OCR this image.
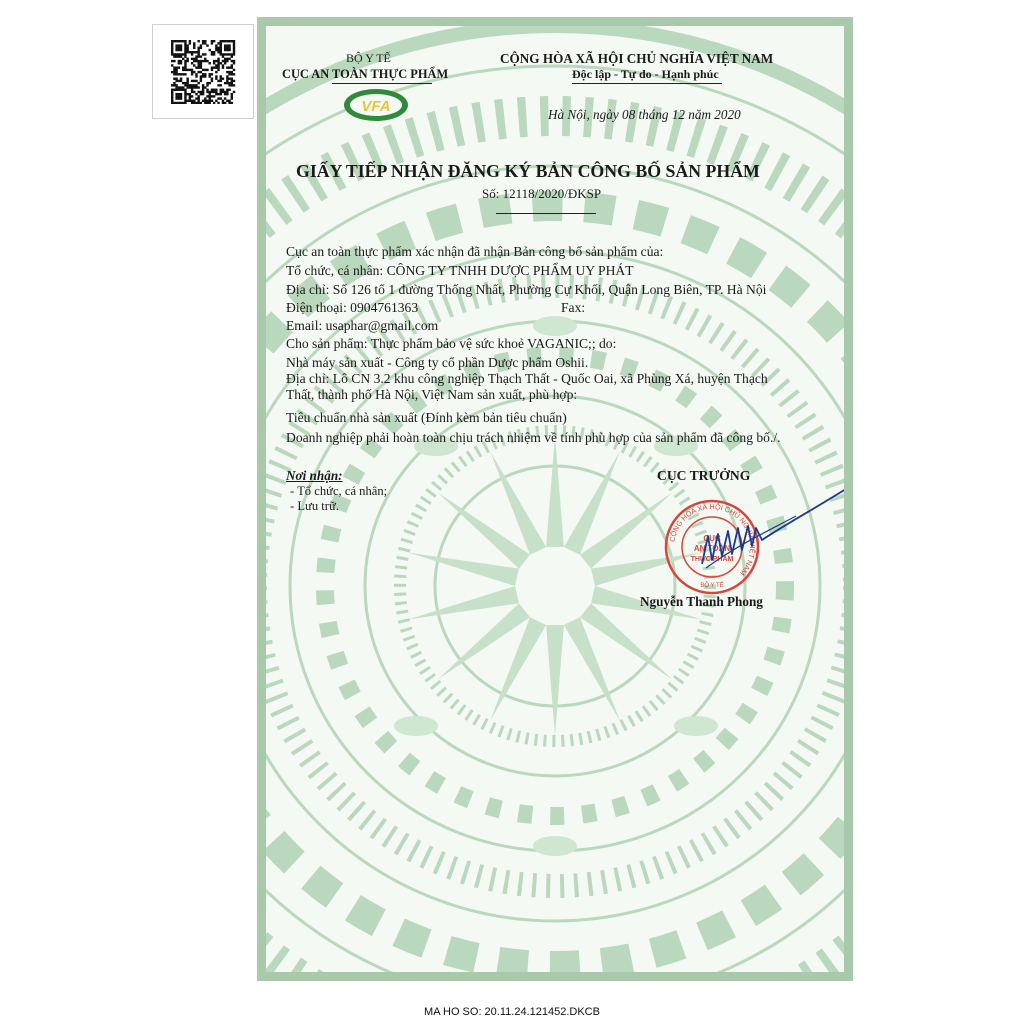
BỘ Y TẾ
CỤC AN TOÀN THỰC PHẨM
VFA
CỘNG HÒA XÃ HỘI CHỦ NGHĨA VIỆT NAM
Độc lập - Tự do - Hạnh phúc
Hà Nội, ngày 08 tháng 12 năm 2020
GIẤY TIẾP NHẬN ĐĂNG KÝ BẢN CÔNG BỐ SẢN PHẨM
Số: 12118/2020/ĐKSP
Cục an toàn thực phẩm xác nhận đã nhận Bản công bố sản phẩm của:
Tổ chức, cá nhân: CÔNG TY TNHH DƯỢC PHẨM UY PHÁT
Địa chỉ: Số 126 tổ 1 đường Thống Nhất, Phường Cự Khối, Quận Long Biên, TP. Hà Nội
Điện thoại: 0904761363	Fax:
Email: usaphar@gmail.com
Cho sản phẩm: Thực phẩm bảo vệ sức khoẻ VAGANIC;; do:
Nhà máy sản xuất - Công ty cổ phần Dược phẩm Oshii.
Địa chỉ: Lô CN 3.2 khu công nghiệp Thạch Thất - Quốc Oai, xã Phùng Xá, huyện Thạch
Thất, thành phố Hà Nội, Việt Nam sản xuất, phù hợp:
Tiêu chuẩn nhà sản xuất (Đính kèm bản tiêu chuẩn)
Doanh nghiệp phải hoàn toàn chịu trách nhiệm về tính phù hợp của sản phẩm đã công bố./.
Nơi nhận:
- Tổ chức, cá nhân;
- Lưu trữ.
CỤC TRƯỞNG
CỘNG HÒA XÃ HỘI CHỦ NGHĨA VIỆT NAM
CỤC
AN TOÀN
THỰC PHẨM
BỘ Y TẾ
Nguyễn Thanh Phong
MA HO SO: 20.11.24.121452.DKCB
